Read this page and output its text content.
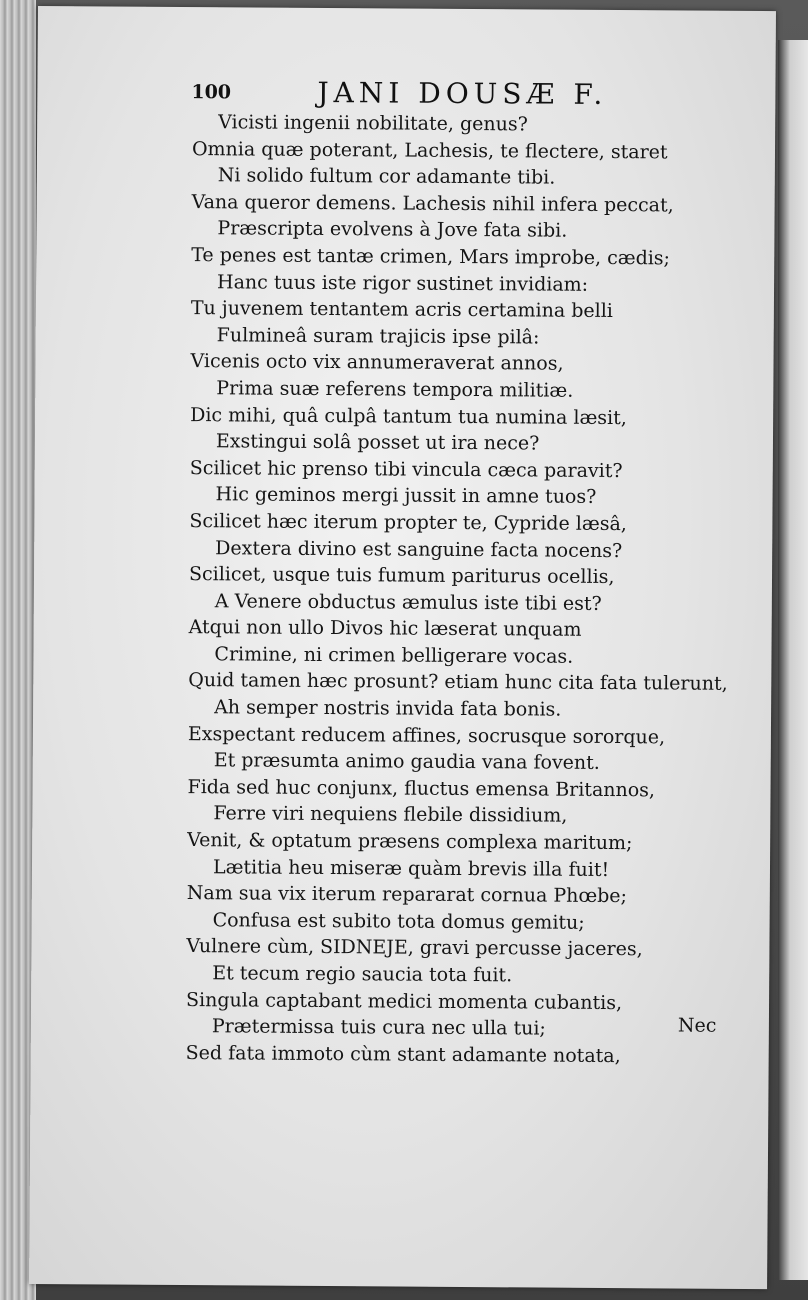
100	JANI DOUSÆ F.
Vicisti ingenii nobilitate, genus?
Omnia quæ poterant, Lachesis, te flectere, staret
Ni solido fultum cor adamante tibi.
Vana queror demens. Lachesis nihil infera peccat,
Præscripta evolvens à Jove fata sibi.
Te penes est tantæ crimen, Mars improbe, cædis;
Hanc tuus iste rigor sustinet invidiam:
Tu juvenem tentantem acris certamina belli
Fulmineâ suram trajicis ipse pilâ:
Vicenis octo vix annumeraverat annos,
Prima suæ referens tempora militiæ.
Dic mihi, quâ culpâ tantum tua numina læsit,
Exstingui solâ posset ut ira nece?
Scilicet hic prenso tibi vincula cæca paravit?
Hic geminos mergi jussit in amne tuos?
Scilicet hæc iterum propter te, Cypride læsâ,
Dextera divino est sanguine facta nocens?
Scilicet, usque tuis fumum pariturus ocellis,
A Venere obductus æmulus iste tibi est?
Atqui non ullo Divos hic læserat unquam
Crimine, ni crimen belligerare vocas.
Quid tamen hæc prosunt? etiam hunc cita fata tulerunt,
Ah semper nostris invida fata bonis.
Exspectant reducem affines, socrusque sororque,
Et præsumta animo gaudia vana fovent.
Fida sed huc conjunx, fluctus emensa Britannos,
Ferre viri nequiens flebile dissidium,
Venit, & optatum præsens complexa maritum;
Lætitia heu miseræ quàm brevis illa fuit!
Nam sua vix iterum repararat cornua Phœbe;
Confusa est subito tota domus gemitu;
Vulnere cùm, SIDNEJE, gravi percusse jaceres,
Et tecum regio saucia tota fuit.
Singula captabant medici momenta cubantis,
Prætermissa tuis cura nec ulla tui;
Sed fata immoto cùm stant adamante notata,
Nec
